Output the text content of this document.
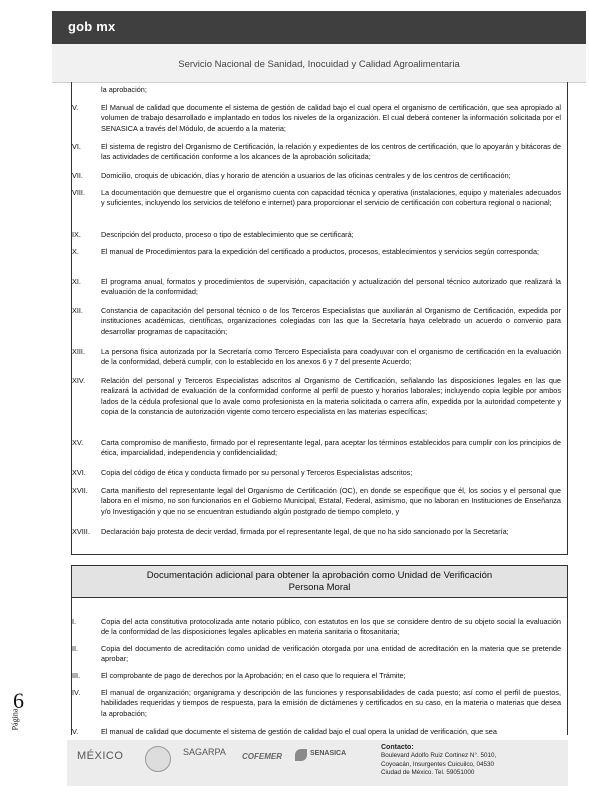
gob mx
Servicio Nacional de Sanidad, Inocuidad y Calidad Agroalimentaria
la aprobación;
V.	El Manual de calidad que documente el sistema de gestión de calidad bajo el cual opera el organismo de certificación, que sea apropiado al volumen de trabajo desarrollado e implantado en todos los niveles de la organización. El cual deberá contener la información solicitada por el SENASICA a través del Módulo, de acuerdo a la materia;
VI.	El sistema de registro del Organismo de Certificación, la relación y expedientes de los centros de certificación, que lo apoyarán y bitácoras de las actividades de certificación conforme a los alcances de la aprobación solicitada;
VII.	Domicilio, croquis de ubicación, días y horario de atención a usuarios de las oficinas centrales y de los centros de certificación;
VIII.	La documentación que demuestre que el organismo cuenta con capacidad técnica y operativa (instalaciones, equipo y materiales adecuados y suficientes, incluyendo los servicios de teléfono e internet) para proporcionar el servicio de certificación con cobertura regional o nacional;
IX.	Descripción del producto, proceso o tipo de establecimiento que se certificará;
X.	El manual de Procedimientos para la expedición del certificado a productos, procesos, establecimientos y servicios según corresponda;
XI.	El programa anual, formatos y procedimientos de supervisión, capacitación y actualización del personal técnico autorizado que realizará la evaluación de la conformidad;
XII.	Constancia de capacitación del personal técnico o de los Terceros Especialistas que auxiliarán al Organismo de Certificación, expedida por instituciones académicas, científicas, organizaciones colegiadas con las que la Secretaría haya celebrado un acuerdo o convenio para desarrollar programas de capacitación;
XIII.	La persona física autorizada por la Secretaría como Tercero Especialista para coadyuvar con el organismo de certificación en la evaluación de la conformidad, deberá cumplir, con lo establecido en los anexos 6 y 7 del presente Acuerdo;
XIV.	Relación del personal y Terceros Especialistas adscritos al Organismo de Certificación, señalando las disposiciones legales en las que realizará la actividad de evaluación de la conformidad conforme al perfil de puesto y horarios laborales; incluyendo copia legible por ambos lados de la cédula profesional que lo avale como profesionista en la materia solicitada o carrera afín, expedida por la autoridad competente y copia de la constancia de autorización vigente como tercero especialista en las materias específicas;
XV.	Carta compromiso de manifiesto, firmado por el representante legal, para aceptar los términos establecidos para cumplir con los principios de ética, imparcialidad, independencia y confidencialidad;
XVI.	Copia del código de ética y conducta firmado por su personal y Terceros Especialistas adscritos;
XVII.	Carta manifiesto del representante legal del Organismo de Certificación (OC), en donde se especifique que él, los socios y el personal que labora en el mismo, no son funcionarios en el Gobierno Municipal, Estatal, Federal, asimismo, que no laboran en Instituciones de Enseñanza y/o Investigación y que no se encuentran estudiando algún postgrado de tiempo completo, y
XVIII.	Declaración bajo protesta de decir verdad, firmada por el representante legal, de que no ha sido sancionado por la Secretaría;
Documentación adicional para obtener la aprobación como Unidad de Verificación
Persona Moral
I.	Copia del acta constitutiva protocolizada ante notario público, con estatutos en los que se considere dentro de su objeto social la evaluación de la conformidad de las disposiciones legales aplicables en materia sanitaria o fitosanitaria;
II.	Copia del documento de acreditación como unidad de verificación otorgada por una entidad de acreditación en la materia que se pretende aprobar;
III.	El comprobante de pago de derechos por la Aprobación; en el caso que lo requiera el Trámite;
IV.	El manual de organización; organigrama y descripción de las funciones y responsabilidades de cada puesto; así como el perfil de puestos, habilidades requeridas y tiempos de respuesta, para la emisión de dictámenes y certificados en su caso, en la materia o materias que desea la aprobación;
V.	El manual de calidad que documente el sistema de gestión de calidad bajo el cual opera la unidad de verificación, que sea
6
Página
MÉXICO	SAGARPA COFEMER	SENASICA
Contacto:
Boulevard Adolfo Ruiz Cortinez N°. 5010,
Coyoacán, Insurgentes Cuicuilco, 04530
Ciudad de México. Tel. 59051000
